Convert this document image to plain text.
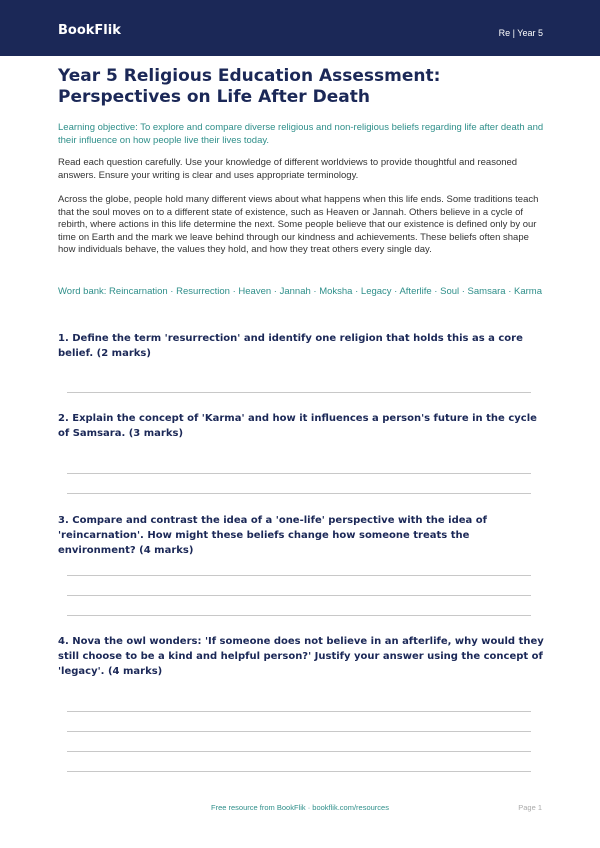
BookFlik	Re | Year 5
Year 5 Religious Education Assessment: Perspectives on Life After Death

Learning objective: To explore and compare diverse religious and non-religious beliefs regarding life after death and their influence on how people live their lives today.

Read each question carefully. Use your knowledge of different worldviews to provide thoughtful and reasoned answers. Ensure your writing is clear and uses appropriate terminology.

Across the globe, people hold many different views about what happens when this life ends. Some traditions teach that the soul moves on to a different state of existence, such as Heaven or Jannah. Others believe in a cycle of rebirth, where actions in this life determine the next. Some people believe that our existence is defined only by our time on Earth and the mark we leave behind through our kindness and achievements. These beliefs often shape how individuals behave, the values they hold, and how they treat others every single day.

Word bank: Reincarnation · Resurrection · Heaven · Jannah · Moksha · Legacy · Afterlife · Soul · Samsara · Karma

1. Define the term 'resurrection' and identify one religion that holds this as a core belief. (2 marks)

2. Explain the concept of 'Karma' and how it influences a person's future in the cycle of Samsara. (3 marks)

3. Compare and contrast the idea of a 'one-life' perspective with the idea of 'reincarnation'. How might these beliefs change how someone treats the environment? (4 marks)

4. Nova the owl wonders: 'If someone does not believe in an afterlife, why would they still choose to be a kind and helpful person?' Justify your answer using the concept of 'legacy'. (4 marks)

Free resource from BookFlik · bookflik.com/resources	Page 1
